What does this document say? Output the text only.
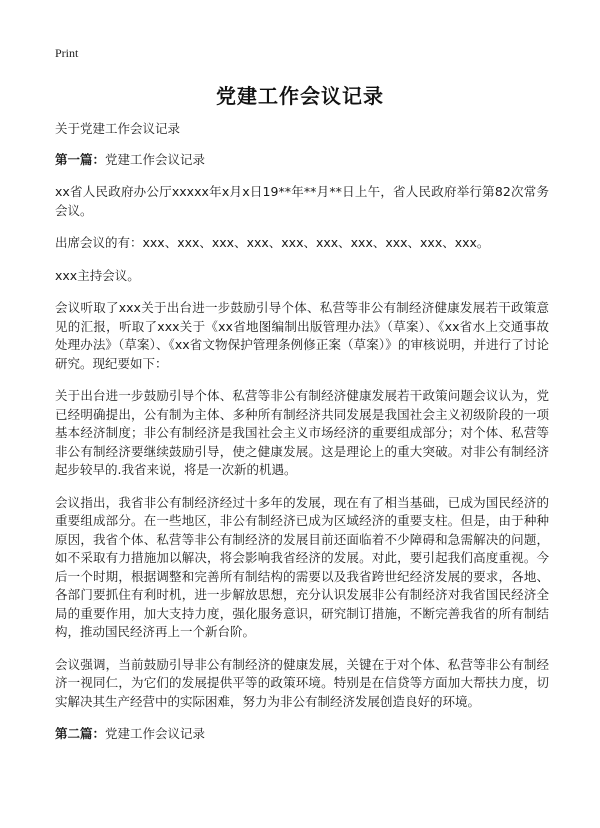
Print
党建工作会议记录

关于党建工作会议记录

第一篇：党建工作会议记录

xx省人民政府办公厅xxxxx年x月x日19**年**月**日上午，省人民政府举行第82次常务会议。

出席会议的有：xxx、xxx、xxx、xxx、xxx、xxx、xxx、xxx、xxx、xxx。

xxx主持会议。

会议听取了xxx关于出台进一步鼓励引导个体、私营等非公有制经济健康发展若干政策意见的汇报，听取了xxx关于《xx省地图编制出版管理办法》（草案）、《xx省水上交通事故处理办法》（草案）、《xx省文物保护管理条例修正案（草案）》的审核说明，并进行了讨论研究。现纪要如下：

关于出台进一步鼓励引导个体、私营等非公有制经济健康发展若干政策问题会议认为，党已经明确提出，公有制为主体、多种所有制经济共同发展是我国社会主义初级阶段的一项基本经济制度；非公有制经济是我国社会主义市场经济的重要组成部分；对个体、私营等非公有制经济要继续鼓励引导，使之健康发展。这是理论上的重大突破。对非公有制经济起步较早的.我省来说，将是一次新的机遇。

会议指出，我省非公有制经济经过十多年的发展，现在有了相当基础，已成为国民经济的重要组成部分。在一些地区，非公有制经济已成为区域经济的重要支柱。但是，由于种种原因，我省个体、私营等非公有制经济的发展目前还面临着不少障碍和急需解决的问题，如不采取有力措施加以解决，将会影响我省经济的发展。对此，要引起我们高度重视。今后一个时期，根据调整和完善所有制结构的需要以及我省跨世纪经济发展的要求，各地、各部门要抓住有利时机，进一步解放思想，充分认识发展非公有制经济对我省国民经济全局的重要作用，加大支持力度，强化服务意识，研究制订措施，不断完善我省的所有制结构，推动国民经济再上一个新台阶。

会议强调，当前鼓励引导非公有制经济的健康发展，关键在于对个体、私营等非公有制经济一视同仁，为它们的发展提供平等的政策环境。特别是在信贷等方面加大帮扶力度，切实解决其生产经营中的实际困难，努力为非公有制经济发展创造良好的环境。

第二篇：党建工作会议记录
